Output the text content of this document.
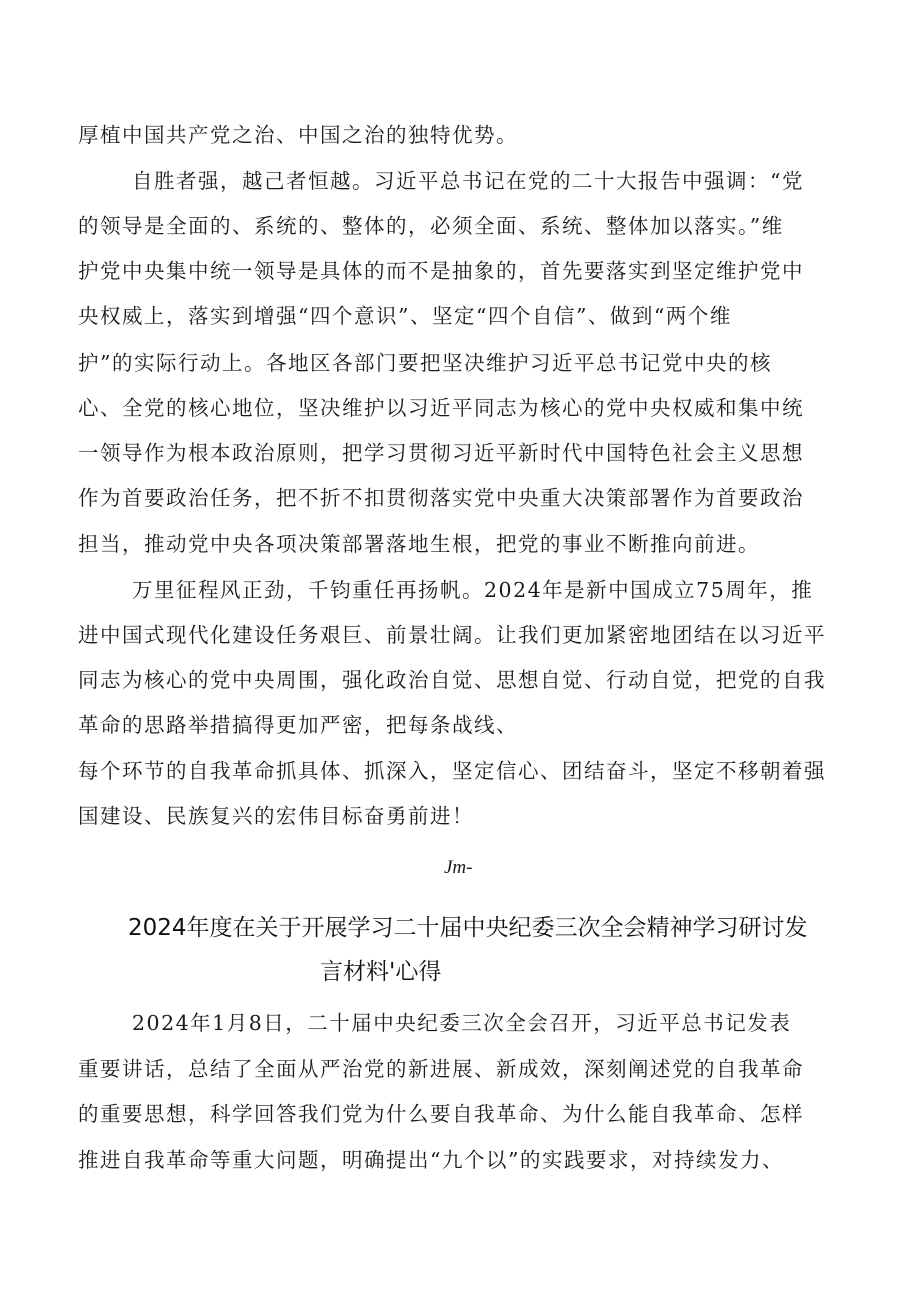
厚植中国共产党之治、中国之治的独特优势。
自胜者强，越己者恒越。习近平总书记在党的二十大报告中强调：“党
的领导是全面的、系统的、整体的，必须全面、系统、整体加以落实。”维
护党中央集中统一领导是具体的而不是抽象的，首先要落实到坚定维护党中
央权威上，落实到增强“四个意识”、坚定“四个自信”、做到“两个维
护”的实际行动上。各地区各部门要把坚决维护习近平总书记党中央的核
心、全党的核心地位，坚决维护以习近平同志为核心的党中央权威和集中统
一领导作为根本政治原则，把学习贯彻习近平新时代中国特色社会主义思想
作为首要政治任务，把不折不扣贯彻落实党中央重大决策部署作为首要政治
担当，推动党中央各项决策部署落地生根，把党的事业不断推向前进。
万里征程风正劲，千钧重任再扬帆。2024年是新中国成立75周年，推
进中国式现代化建设任务艰巨、前景壮阔。让我们更加紧密地团结在以习近平
同志为核心的党中央周围，强化政治自觉、思想自觉、行动自觉，把党的自我
革命的思路举措搞得更加严密，把每条战线、
每个环节的自我革命抓具体、抓深入，坚定信心、团结奋斗，坚定不移朝着强
国建设、民族复兴的宏伟目标奋勇前进！
Jm-
2024年度在关于开展学习二十届中央纪委三次全会精神学习研讨发
言材料'心得
2024年1月8日，二十届中央纪委三次全会召开，习近平总书记发表
重要讲话，总结了全面从严治党的新进展、新成效，深刻阐述党的自我革命
的重要思想，科学回答我们党为什么要自我革命、为什么能自我革命、怎样
推进自我革命等重大问题，明确提出“九个以”的实践要求，对持续发力、
